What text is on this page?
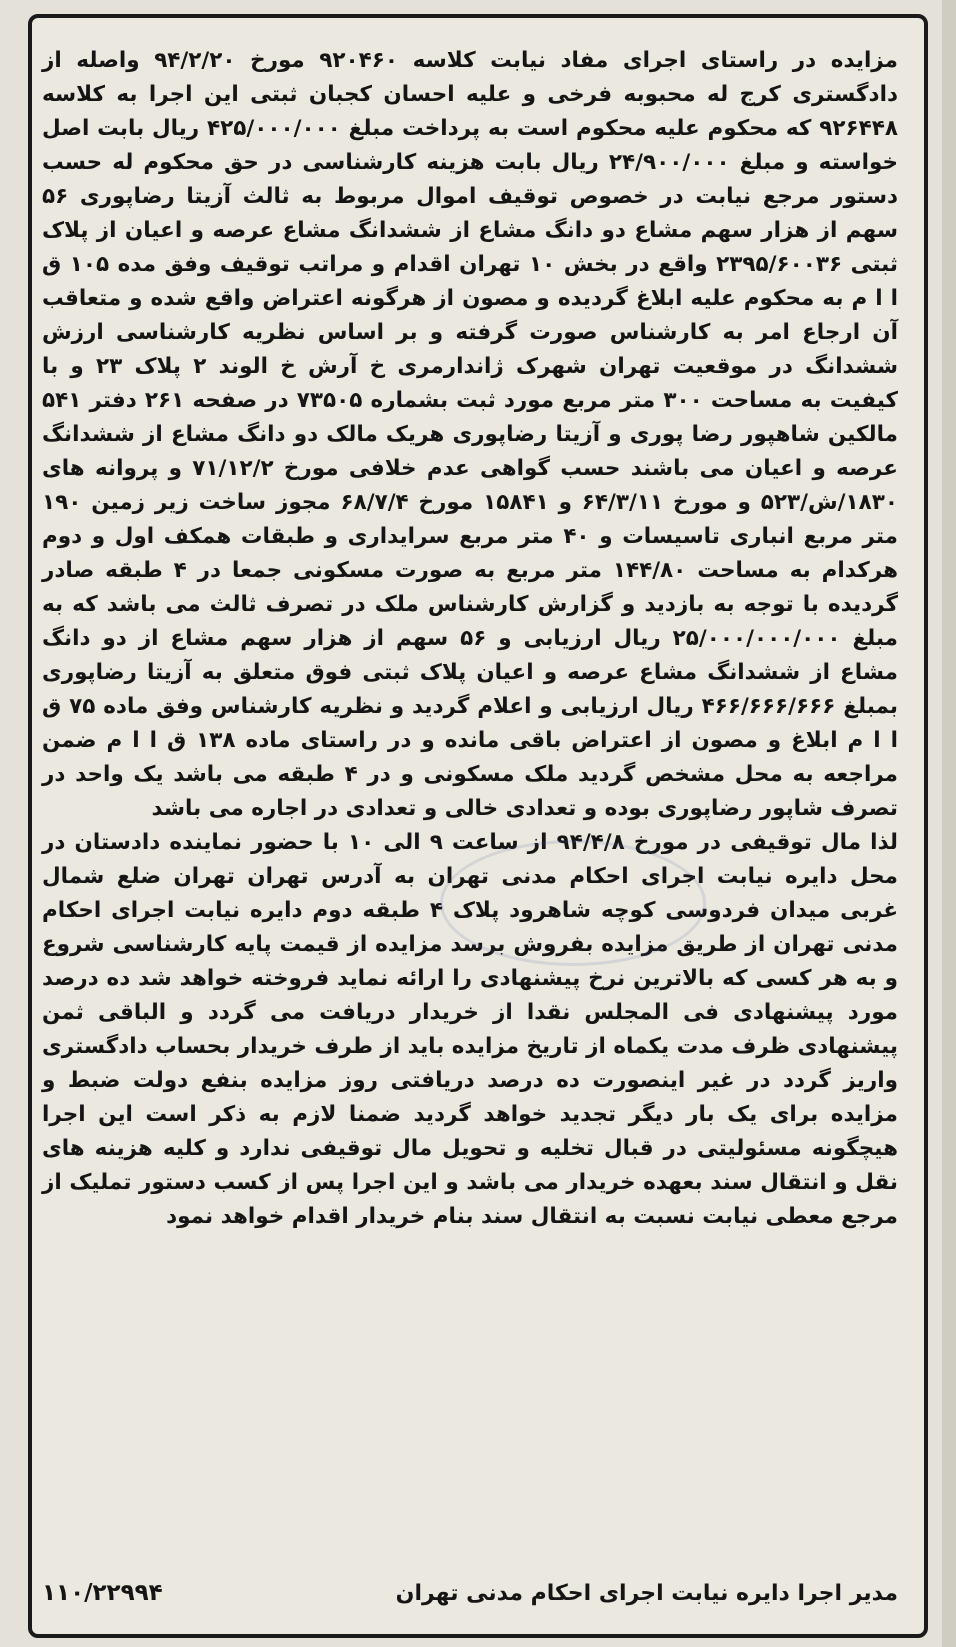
مزایده در راستای اجرای مفاد نیابت کلاسه ۹۲۰۴۶۰ مورخ ۹۴/۲/۲۰ واصله از دادگستری کرج له محبوبه فرخی و علیه احسان کجبان ثبتی این اجرا به کلاسه ۹۲۶۴۴۸ که محکوم علیه محکوم است به پرداخت مبلغ ۴۲۵/۰۰۰/۰۰۰ ریال بابت اصل خواسته و مبلغ ۲۴/۹۰۰/۰۰۰ ریال بابت هزینه کارشناسی در حق محکوم له حسب دستور مرجع نیابت در خصوص توقیف اموال مربوط به ثالث آزیتا رضاپوری ۵۶ سهم از هزار سهم مشاع دو دانگ مشاع از ششدانگ مشاع عرصه و اعیان از پلاک ثبتی ۲۳۹۵/۶۰۰۳۶ واقع در بخش ۱۰ تهران اقدام و مراتب توقیف وفق مده ۱۰۵ ق ا ا م به محکوم علیه ابلاغ گردیده و مصون از هرگونه اعتراض واقع شده و متعاقب آن ارجاع امر به کارشناس صورت گرفته و بر اساس نظریه کارشناسی ارزش ششدانگ در موقعیت تهران شهرک ژاندارمری خ آرش خ الوند ۲ پلاک ۲۳ و با کیفیت به مساحت ۳۰۰ متر مربع مورد ثبت بشماره ۷۳۵۰۵ در صفحه ۲۶۱ دفتر ۵۴۱ مالکین شاهپور رضا پوری و آزیتا رضاپوری هریک مالک دو دانگ مشاع از ششدانگ عرصه و اعیان می باشند حسب گواهی عدم خلافی مورخ ۷۱/۱۲/۲ و پروانه های ۱۸۳۰/ش/۵۲۳ و مورخ ۶۴/۳/۱۱ و ۱۵۸۴۱ مورخ ۶۸/۷/۴ مجوز ساخت زیر زمین ۱۹۰ متر مربع انباری تاسیسات و ۴۰ متر مربع سرایداری و طبقات همکف اول و دوم هرکدام به مساحت ۱۴۴/۸۰ متر مربع به صورت مسکونی جمعا در ۴ طبقه صادر گردیده با توجه به بازدید و گزارش کارشناس ملک در تصرف ثالث می باشد که به مبلغ ۲۵/۰۰۰/۰۰۰/۰۰۰ ریال ارزیابی و ۵۶ سهم از هزار سهم مشاع از دو دانگ مشاع از ششدانگ مشاع عرصه و اعیان پلاک ثبتی فوق متعلق به آزیتا رضاپوری بمبلغ ۴۶۶/۶۶۶/۶۶۶ ریال ارزیابی و اعلام گردید و نظریه کارشناس وفق ماده ۷۵ ق ا ا م ابلاغ و مصون از اعتراض باقی مانده و در راستای ماده ۱۳۸ ق ا ا م ضمن مراجعه به محل مشخص گردید ملک مسکونی و در ۴ طبقه می باشد یک واحد در تصرف شاپور رضاپوری بوده و تعدادی خالی و تعدادی در اجاره می باشد

لذا مال توقیفی در مورخ ۹۴/۴/۸ از ساعت ۹ الی ۱۰ با حضور نماینده دادستان در محل دایره نیابت اجرای احکام مدنی تهران به آدرس تهران تهران ضلع شمال غربی میدان فردوسی کوچه شاهرود پلاک ۴ طبقه دوم دایره نیابت اجرای احکام مدنی تهران از طریق مزایده بفروش برسد مزایده از قیمت پایه کارشناسی شروع و به هر کسی که بالاترین نرخ پیشنهادی را ارائه نماید فروخته خواهد شد ده درصد مورد پیشنهادی فی المجلس نقدا از خریدار دریافت می گردد و الباقی ثمن پیشنهادی ظرف مدت یکماه از تاریخ مزایده باید از طرف خریدار بحساب دادگستری واریز گردد در غیر اینصورت ده درصد دریافتی روز مزایده بنفع دولت ضبط و مزایده برای یک بار دیگر تجدید خواهد گردید ضمنا لازم به ذکر است این اجرا هیچگونه مسئولیتی در قبال تخلیه و تحویل مال توقیفی ندارد و کلیه هزینه های نقل و انتقال سند بعهده خریدار می باشد و این اجرا پس از کسب دستور تملیک از مرجع معطی نیابت نسبت به انتقال سند بنام خریدار اقدام خواهد نمود

مدیر اجرا دایره نیابت اجرای احکام مدنی تهران
۱۱۰/۲۲۹۹۴
